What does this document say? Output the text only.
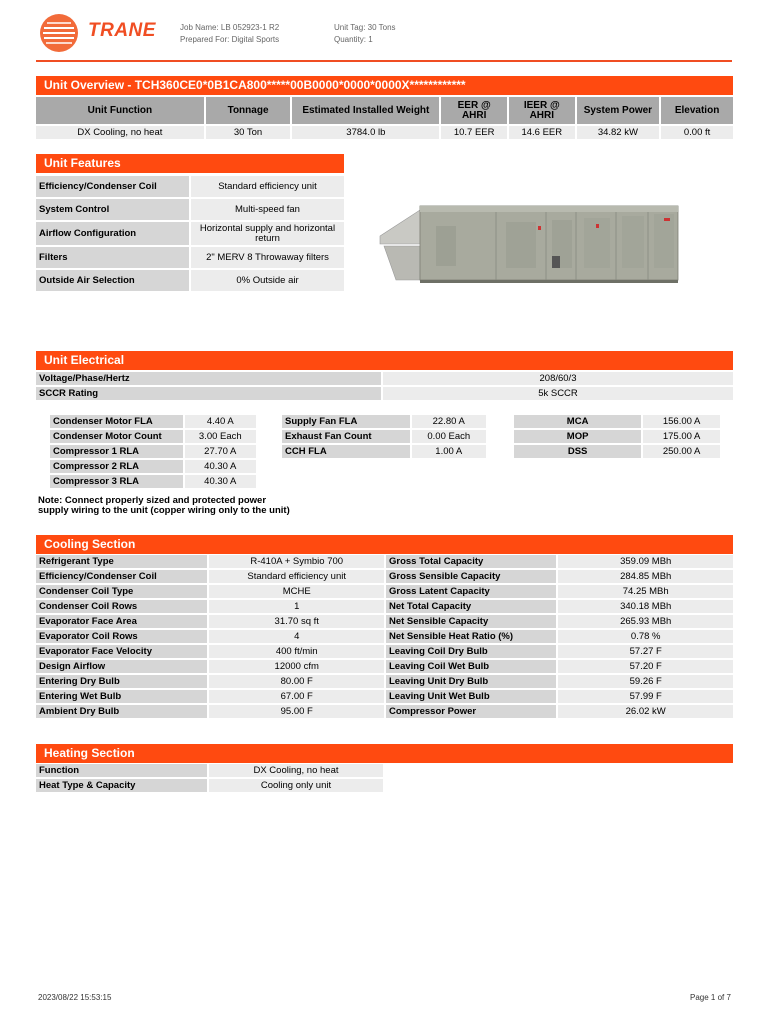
TRANE	Job Name: LB 052923-1 R2
Prepared For: Digital Sports
Unit Tag: 30 Tons
Quantity: 1
Unit Overview - TCH360CE0*0B1CA800*****00B0000*0000*0000X************
Unit Function	Tonnage	Estimated Installed Weight	EER @ AHRI	IEER @ AHRI	System Power	Elevation
DX Cooling, no heat	30 Ton	3784.0 lb	10.7 EER	14.6 EER	34.82 kW	0.00 ft
Unit Features
Efficiency/Condenser Coil	Standard efficiency unit
System Control	Multi-speed fan
Airflow Configuration	Horizontal supply and horizontal return
Filters	2" MERV 8 Throwaway filters
Outside Air Selection	0% Outside air
Unit Electrical
Voltage/Phase/Hertz	208/60/3
SCCR Rating	5k SCCR
Condenser Motor FLA	4.40 A
Condenser Motor Count	3.00 Each
Compressor 1 RLA	27.70 A
Compressor 2 RLA	40.30 A
Compressor 3 RLA	40.30 A
Supply Fan FLA	22.80 A
Exhaust Fan Count	0.00 Each
CCH FLA	1.00 A
MCA	156.00 A
MOP	175.00 A
DSS	250.00 A
Note: Connect properly sized and protected power
supply wiring to the unit (copper wiring only to the unit)
Cooling Section
Refrigerant Type	R-410A + Symbio 700	Gross Total Capacity	359.09 MBh
Efficiency/Condenser Coil	Standard efficiency unit	Gross Sensible Capacity	284.85 MBh
Condenser Coil Type	MCHE	Gross Latent Capacity	74.25 MBh
Condenser Coil Rows	1	Net Total Capacity	340.18 MBh
Evaporator Face Area	31.70 sq ft	Net Sensible Capacity	265.93 MBh
Evaporator Coil Rows	4	Net Sensible Heat Ratio (%)	0.78 %
Evaporator Face Velocity	400 ft/min	Leaving Coil Dry Bulb	57.27 F
Design Airflow	12000 cfm	Leaving Coil Wet Bulb	57.20 F
Entering Dry Bulb	80.00 F	Leaving Unit Dry Bulb	59.26 F
Entering Wet Bulb	67.00 F	Leaving Unit Wet Bulb	57.99 F
Ambient Dry Bulb	95.00 F	Compressor Power	26.02 kW
Heating Section
Function	DX Cooling, no heat
Heat Type & Capacity	Cooling only unit
2023/08/22 15:53:15	Page 1 of 7
